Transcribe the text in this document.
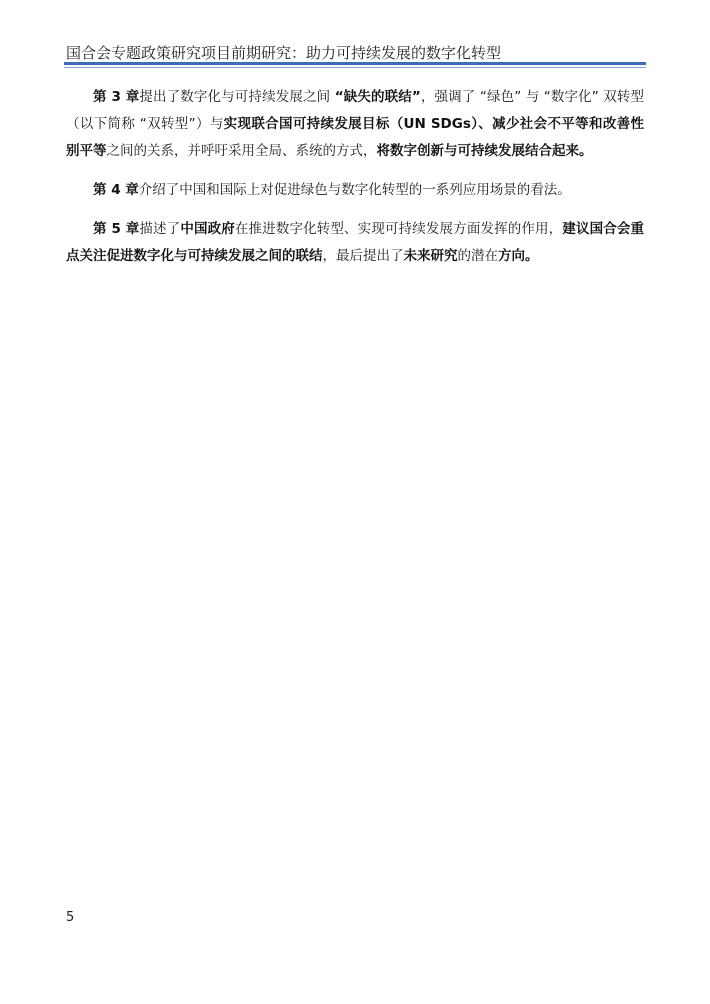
国合会专题政策研究项目前期研究：助力可持续发展的数字化转型

第 3 章提出了数字化与可持续发展之间 “缺失的联结”，强调了 “绿色” 与 “数字化” 双转型（以下简称 “双转型”）与实现联合国可持续发展目标（UN SDGs）、减少社会不平等和改善性别平等之间的关系，并呼吁采用全局、系统的方式，将数字创新与可持续发展结合起来。

第 4 章介绍了中国和国际上对促进绿色与数字化转型的一系列应用场景的看法。

第 5 章描述了中国政府在推进数字化转型、实现可持续发展方面发挥的作用，建议国合会重点关注促进数字化与可持续发展之间的联结，最后提出了未来研究的潜在方向。

5
